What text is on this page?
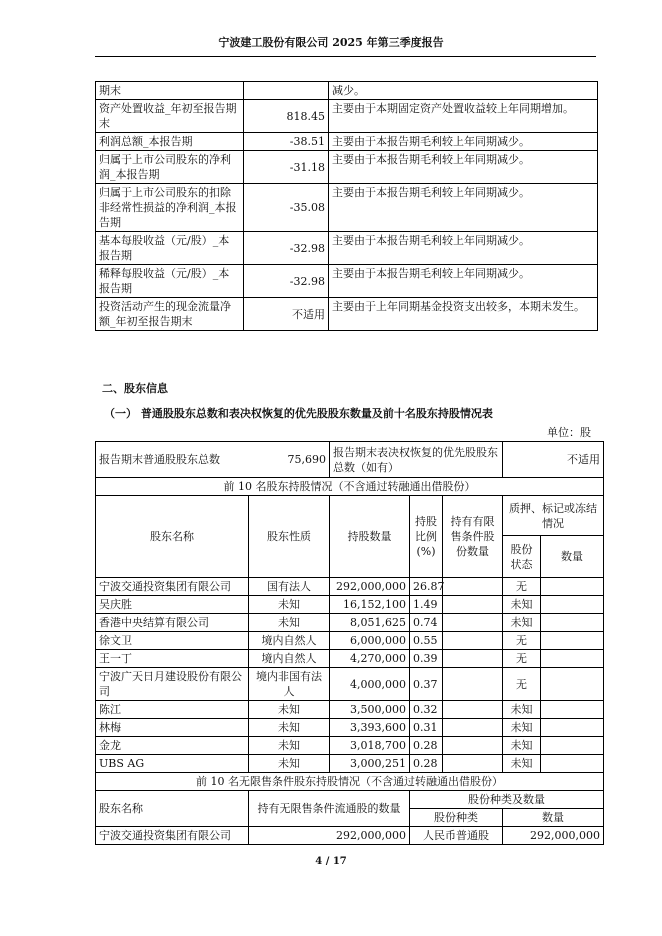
宁波建工股份有限公司 2025 年第三季度报告
期末		减少。
资产处置收益_年初至报告期末	818.45	主要由于本期固定资产处置收益较上年同期增加。
利润总额_本报告期	-38.51	主要由于本报告期毛利较上年同期减少。
归属于上市公司股东的净利润_本报告期	-31.18	主要由于本报告期毛利较上年同期减少。
归属于上市公司股东的扣除非经常性损益的净利润_本报告期	-35.08	主要由于本报告期毛利较上年同期减少。
基本每股收益（元/股）_本报告期	-32.98	主要由于本报告期毛利较上年同期减少。
稀释每股收益（元/股）_本报告期	-32.98	主要由于本报告期毛利较上年同期减少。
投资活动产生的现金流量净额_年初至报告期末	不适用	主要由于上年同期基金投资支出较多，本期未发生。
二、股东信息
（一） 普通股股东总数和表决权恢复的优先股股东数量及前十名股东持股情况表
单位：股
报告期末普通股股东总数 75,690		报告期末表决权恢复的优先股股东总数（如有）			不适用	
前 10 名股东持股情况（不含通过转融通出借股份）						
股东名称	股东性质	持股数量	持股比例(%)	持有有限售条件股份数量	质押、标记或冻结情况	
					股份状态	数量
宁波交通投资集团有限公司	国有法人	292,000,000	26.87		无	
吴庆胜	未知	16,152,100	1.49		未知	
香港中央结算有限公司	未知	8,051,625	0.74		未知	
徐文卫	境内自然人	6,000,000	0.55		无	
王一丁	境内自然人	4,270,000	0.39		无	
宁波广天日月建设股份有限公司	境内非国有法人	4,000,000	0.37		无	
陈江	未知	3,500,000	0.32		未知	
林梅	未知	3,393,600	0.31		未知	
金龙	未知	3,018,700	0.28		未知	
UBS AG	未知	3,000,251	0.28		未知	
前 10 名无限售条件股东持股情况（不含通过转融通出借股份）						
股东名称	持有无限售条件流通股的数量		股份种类及数量			
			股份种类		数量	
宁波交通投资集团有限公司	292,000,000		人民币普通股		292,000,000	
4 / 17
